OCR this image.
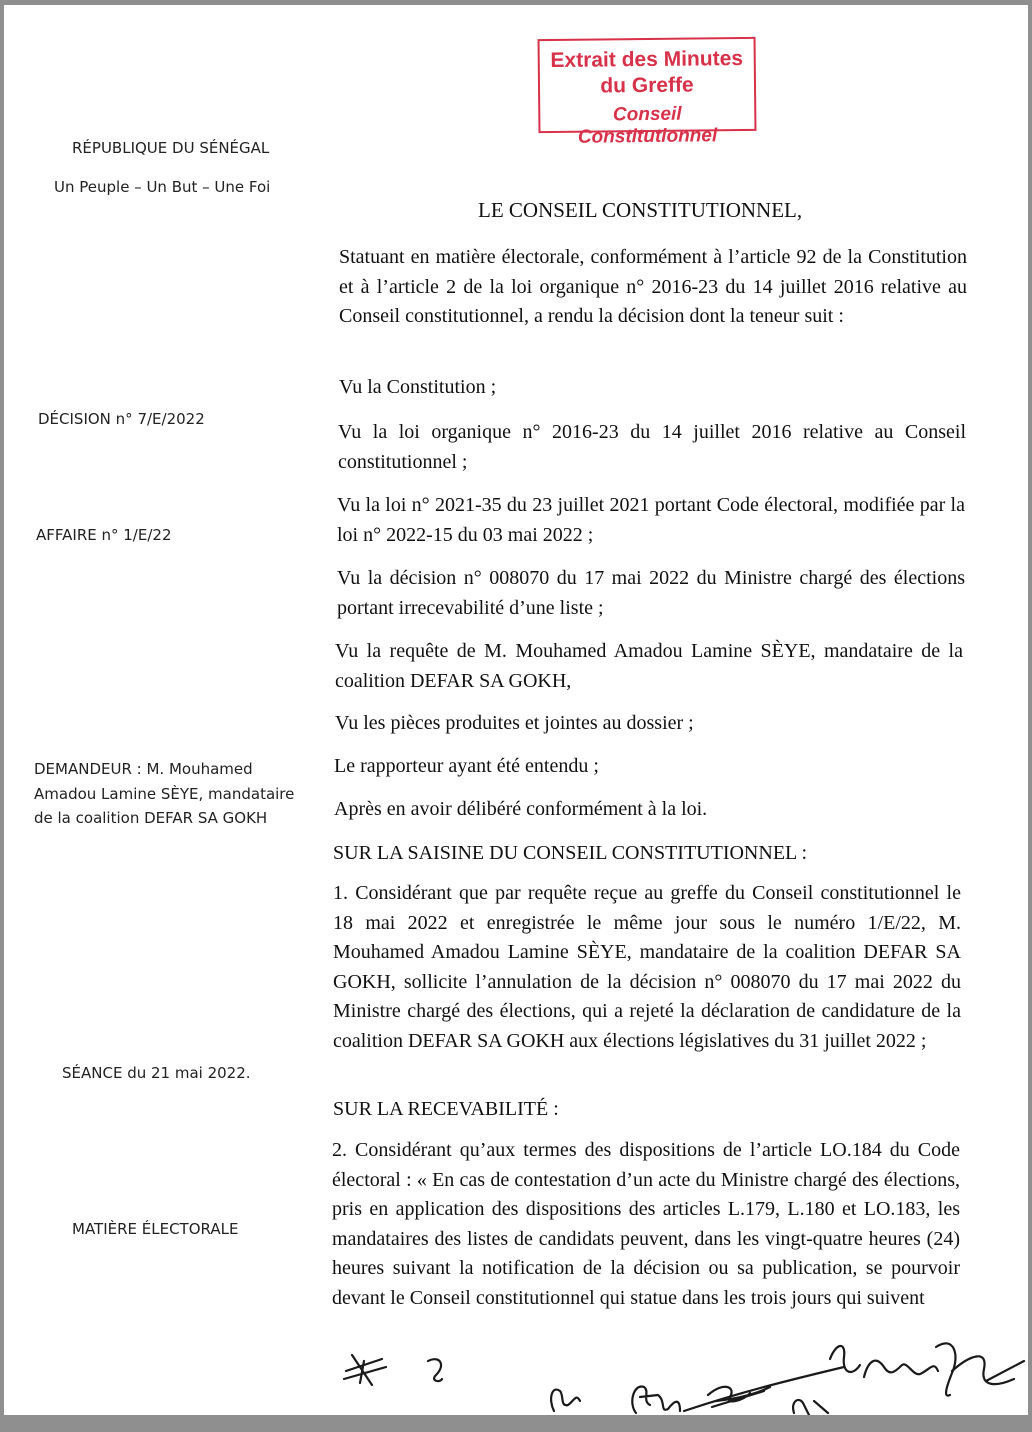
Extrait des Minutes
du Greffe
Conseil Constitutionnel
RÉPUBLIQUE DU SÉNÉGAL
Un Peuple – Un But – Une Foi
DÉCISION n° 7/E/2022
AFFAIRE n° 1/E/22
DEMANDEUR : M. Mouhamed Amadou Lamine SÈYE, mandataire de la coalition DEFAR SA GOKH
SÉANCE du 21 mai 2022.
MATIÈRE ÉLECTORALE
LE CONSEIL CONSTITUTIONNEL,

Statuant en matière électorale, conformément à l’article 92 de la Constitution et à l’article 2 de la loi organique n° 2016-23 du 14 juillet 2016 relative au Conseil constitutionnel, a rendu la décision dont la teneur suit :

Vu la Constitution ;

Vu la loi organique n° 2016-23 du 14 juillet 2016 relative au Conseil constitutionnel ;

Vu la loi n° 2021-35 du 23 juillet 2021 portant Code électoral, modifiée par la loi n° 2022-15 du 03 mai 2022 ;

Vu la décision n° 008070 du 17 mai 2022 du Ministre chargé des élections portant irrecevabilité d’une liste ;

Vu la requête de M. Mouhamed Amadou Lamine SÈYE, mandataire de la coalition DEFAR SA GOKH,

Vu les pièces produites et jointes au dossier ;

Le rapporteur ayant été entendu ;

Après en avoir délibéré conformément à la loi.

SUR LA SAISINE DU CONSEIL CONSTITUTIONNEL :

1. Considérant que par requête reçue au greffe du Conseil constitutionnel le 18 mai 2022 et enregistrée le même jour sous le numéro 1/E/22, M. Mouhamed Amadou Lamine SÈYE, mandataire de la coalition DEFAR SA GOKH, sollicite l’annulation de la décision n° 008070 du 17 mai 2022 du Ministre chargé des élections, qui a rejeté la déclaration de candidature de la coalition DEFAR SA GOKH aux élections législatives du 31 juillet 2022 ;

SUR LA RECEVABILITÉ :

2. Considérant qu’aux termes des dispositions de l’article LO.184 du Code électoral : « En cas de contestation d’un acte du Ministre chargé des élections, pris en application des dispositions des articles L.179, L.180 et LO.183, les mandataires des listes de candidats peuvent, dans les vingt-quatre heures (24) heures suivant la notification de la décision ou sa publication, se pourvoir devant le Conseil constitutionnel qui statue dans les trois jours qui suivent
